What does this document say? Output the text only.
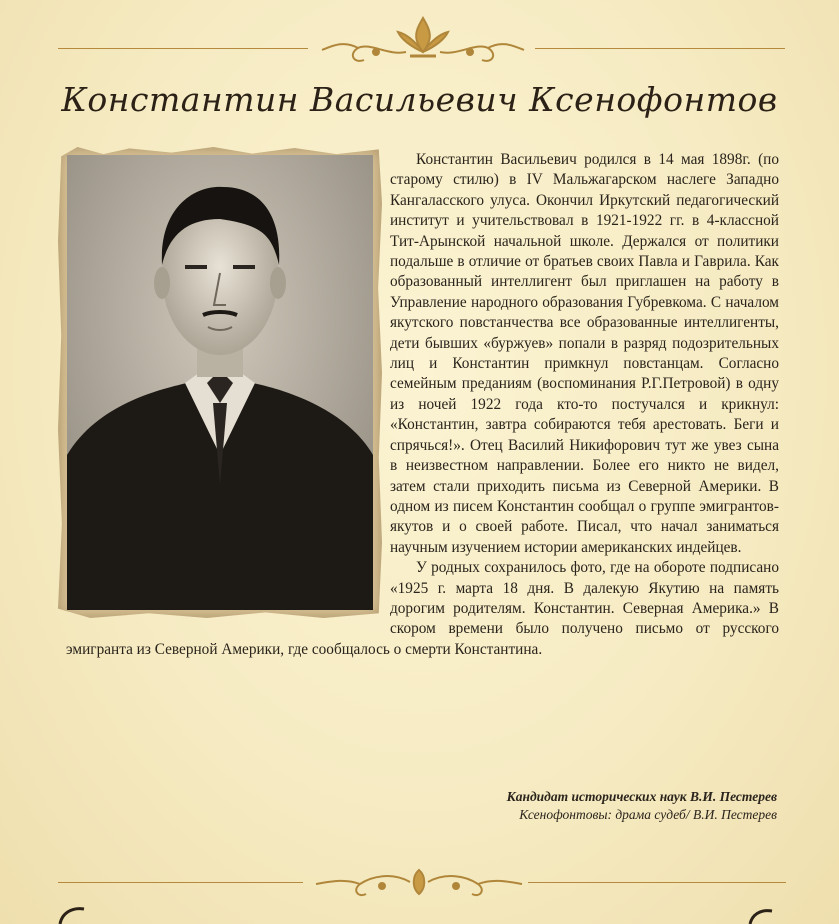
Константин Васильевич Ксенофонтов

Константин Васильевич родился в 14 мая 1898г. (по старому стилю) в IV Мальжагарском наслеге Западно Кангаласского улуса. Окончил Иркутский педагогический институт и учительствовал в 1921-1922 гг. в 4-классной Тит-Арынской начальной школе. Держался от политики подальше в отличие от братьев своих Павла и Гаврила. Как образованный интеллигент был приглашен на работу в Управление народного образования Губревкома. С началом якутского повстанчества все образованные интеллигенты, дети бывших «буржуев» попали в разряд подозрительных лиц и Константин примкнул повстанцам. Согласно семейным преданиям (воспоминания Р.Г.Петровой) в одну из ночей 1922 года кто-то постучался и крикнул: «Константин, завтра собираются тебя арестовать. Беги и спрячься!». Отец Василий Никифорович тут же увез сына в неизвестном направлении. Более его никто не видел, затем стали приходить письма из Северной Америки. В одном из писем Константин сообщал о группе эмигрантов-якутов и о своей работе. Писал, что начал заниматься научным изучением истории американских индейцев.

У родных сохранилось фото, где на обороте подписано «1925 г. марта 18 дня. В далекую Якутию на память дорогим родителям. Константин. Северная Америка.» В скором времени было получено письмо от русского эмигранта из Северной Америки, где сообщалось о смерти Константина.

Кандидат исторических наук В.И. Пестерев
Ксенофонтовы: драма судеб/ В.И. Пестерев
